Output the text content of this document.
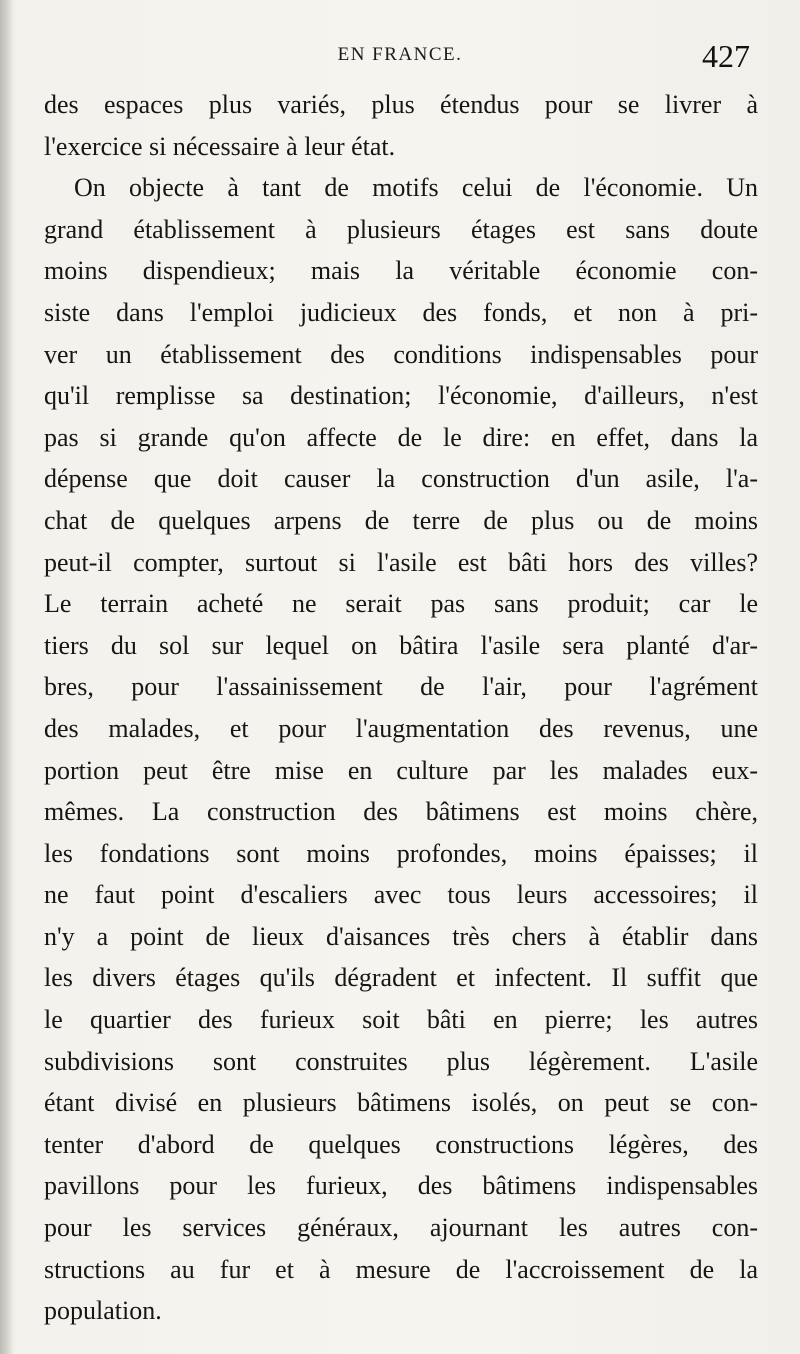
EN FRANCE.	427
des espaces plus variés, plus étendus pour se livrer à
l'exercice si nécessaire à leur état.
On objecte à tant de motifs celui de l'économie. Un
grand établissement à plusieurs étages est sans doute
moins dispendieux; mais la véritable économie con-
siste dans l'emploi judicieux des fonds, et non à pri-
ver un établissement des conditions indispensables pour
qu'il remplisse sa destination; l'économie, d'ailleurs, n'est
pas si grande qu'on affecte de le dire: en effet, dans la
dépense que doit causer la construction d'un asile, l'a-
chat de quelques arpens de terre de plus ou de moins
peut-il compter, surtout si l'asile est bâti hors des villes?
Le terrain acheté ne serait pas sans produit; car le
tiers du sol sur lequel on bâtira l'asile sera planté d'ar-
bres, pour l'assainissement de l'air, pour l'agrément
des malades, et pour l'augmentation des revenus, une
portion peut être mise en culture par les malades eux-
mêmes. La construction des bâtimens est moins chère,
les fondations sont moins profondes, moins épaisses; il
ne faut point d'escaliers avec tous leurs accessoires; il
n'y a point de lieux d'aisances très chers à établir dans
les divers étages qu'ils dégradent et infectent. Il suffit que
le quartier des furieux soit bâti en pierre; les autres
subdivisions sont construites plus légèrement. L'asile
étant divisé en plusieurs bâtimens isolés, on peut se con-
tenter d'abord de quelques constructions légères, des
pavillons pour les furieux, des bâtimens indispensables
pour les services généraux, ajournant les autres con-
structions au fur et à mesure de l'accroissement de la
population.
